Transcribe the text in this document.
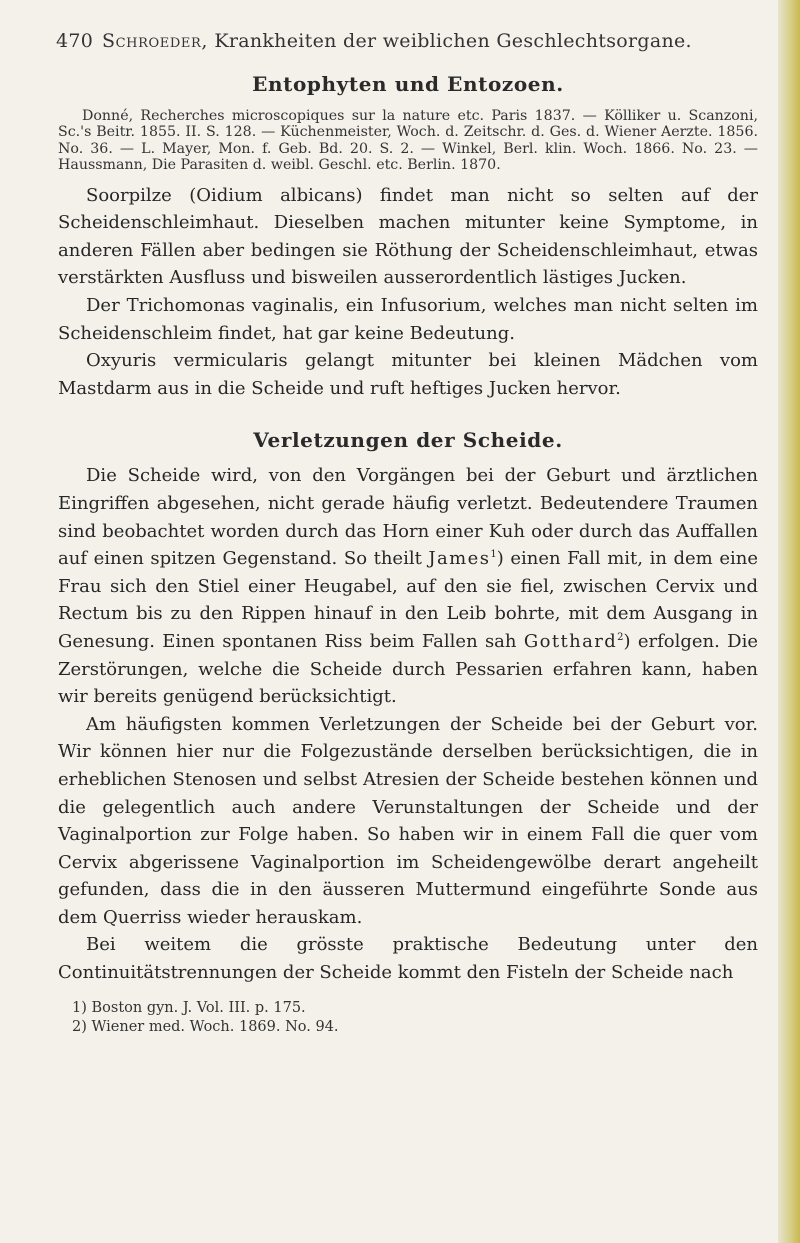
470 Schroeder,
Krankheiten der weiblichen Geschlechtsorgane.
Entophyten und Entozoen.

Donné, Recherches microscopiques sur la nature etc. Paris 1837. — Kölliker u. Scanzoni, Sc.'s Beitr. 1855. II. S. 128. — Küchenmeister, Woch. d. Zeitschr. d. Ges. d. Wiener Aerzte. 1856. No. 36. — L. Mayer, Mon. f. Geb. Bd. 20. S. 2. — Winkel, Berl. klin. Woch. 1866. No. 23. — Haussmann, Die Parasiten d. weibl. Geschl. etc. Berlin. 1870.

Soorpilze (Oidium albicans) findet man nicht so selten auf der Scheidenschleimhaut. Dieselben machen mitunter keine Symptome, in anderen Fällen aber bedingen sie Röthung der Scheidenschleimhaut, etwas verstärkten Ausfluss und bisweilen ausserordentlich lästiges Jucken.

Der Trichomonas vaginalis, ein Infusorium, welches man nicht selten im Scheidenschleim findet, hat gar keine Bedeutung.

Oxyuris vermicularis gelangt mitunter bei kleinen Mädchen vom Mastdarm aus in die Scheide und ruft heftiges Jucken hervor.

Verletzungen der Scheide.

Die Scheide wird, von den Vorgängen bei der Geburt und ärztlichen Eingriffen abgesehen, nicht gerade häufig verletzt. Bedeutendere Traumen sind beobachtet worden durch das Horn einer Kuh oder durch das Auffallen auf einen spitzen Gegenstand. So theilt James$^1$) einen Fall mit, in dem eine Frau sich den Stiel einer Heugabel, auf den sie fiel, zwischen Cervix und Rectum bis zu den Rippen hinauf in den Leib bohrte, mit dem Ausgang in Genesung. Einen spontanen Riss beim Fallen sah Gotthard$^2$) erfolgen. Die Zerstörungen, welche die Scheide durch Pessarien erfahren kann, haben wir bereits genügend berücksichtigt.

Am häufigsten kommen Verletzungen der Scheide bei der Geburt vor. Wir können hier nur die Folgezustände derselben berücksichtigen, die in erheblichen Stenosen und selbst Atresien der Scheide bestehen können und die gelegentlich auch andere Verunstaltungen der Scheide und der Vaginalportion zur Folge haben. So haben wir in einem Fall die quer vom Cervix abgerissene Vaginalportion im Scheidengewölbe derart angeheilt gefunden, dass die in den äusseren Muttermund eingeführte Sonde aus dem Querriss wieder herauskam.

Bei weitem die grösste praktische Bedeutung unter den Continuitätstrennungen der Scheide kommt den Fisteln der Scheide nach

1) Boston gyn. J. Vol. III. p. 175.

2) Wiener med. Woch. 1869. No. 94.
